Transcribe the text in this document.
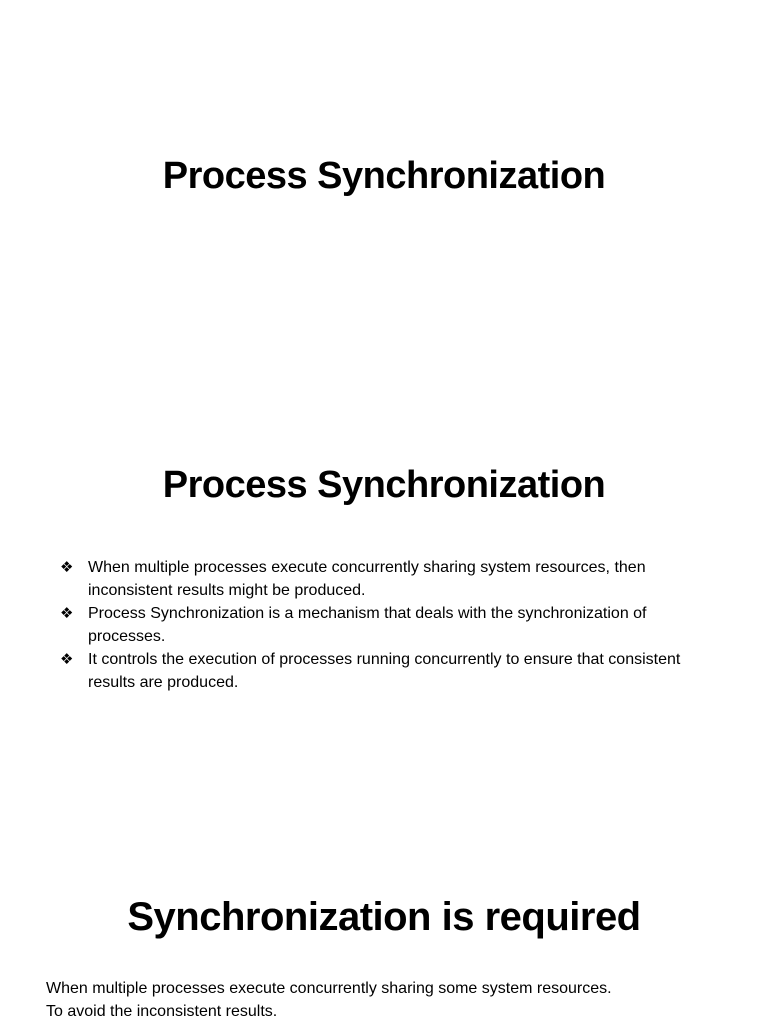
Process Synchronization
Process Synchronization
❖ When multiple processes execute concurrently sharing system resources, then inconsistent results might be produced.
❖ Process Synchronization is a mechanism that deals with the synchronization of processes.
❖ It controls the execution of processes running concurrently to ensure that consistent results are produced.
Synchronization is required
When multiple processes execute concurrently sharing some system resources.
To avoid the inconsistent results.
